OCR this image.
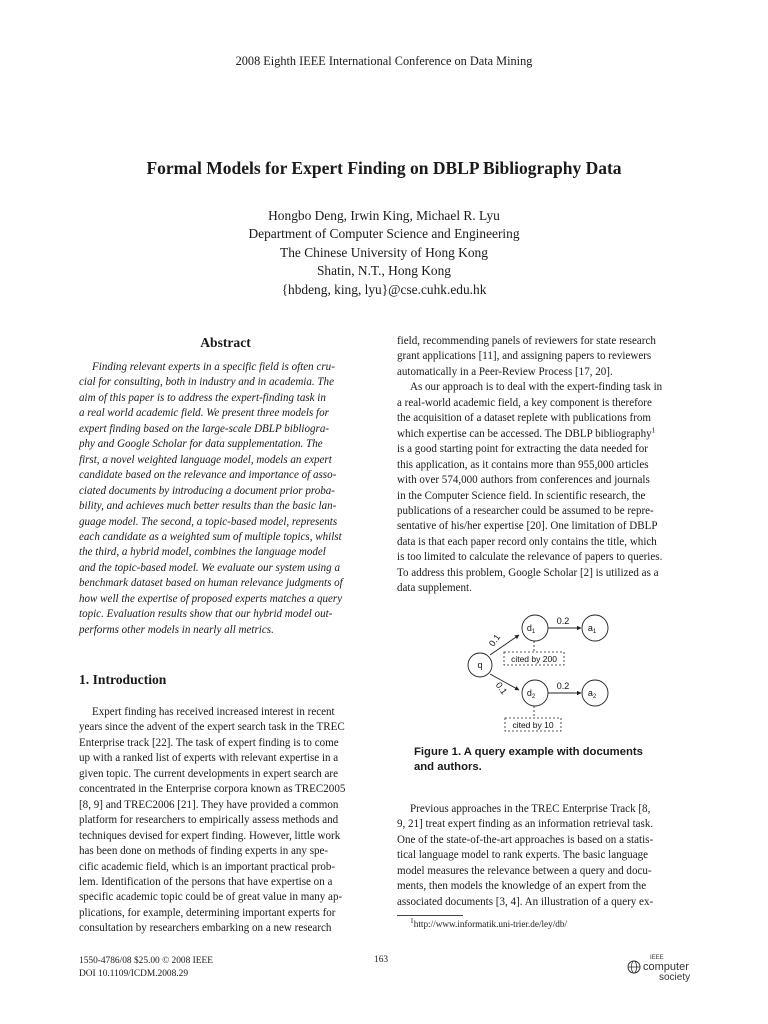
2008 Eighth IEEE International Conference on Data Mining
Formal Models for Expert Finding on DBLP Bibliography Data
Hongbo Deng, Irwin King, Michael R. Lyu
Department of Computer Science and Engineering
The Chinese University of Hong Kong
Shatin, N.T., Hong Kong
{hbdeng, king, lyu}@cse.cuhk.edu.hk
Abstract
Finding relevant experts in a specific field is often cru-
cial for consulting, both in industry and in academia. The
aim of this paper is to address the expert-finding task in
a real world academic field. We present three models for
expert finding based on the large-scale DBLP bibliogra-
phy and Google Scholar for data supplementation. The
first, a novel weighted language model, models an expert
candidate based on the relevance and importance of asso-
ciated documents by introducing a document prior proba-
bility, and achieves much better results than the basic lan-
guage model. The second, a topic-based model, represents
each candidate as a weighted sum of multiple topics, whilst
the third, a hybrid model, combines the language model
and the topic-based model. We evaluate our system using a
benchmark dataset based on human relevance judgments of
how well the expertise of proposed experts matches a query
topic. Evaluation results show that our hybrid model out-
performs other models in nearly all metrics.
1. Introduction
Expert finding has received increased interest in recent
years since the advent of the expert search task in the TREC
Enterprise track [22]. The task of expert finding is to come
up with a ranked list of experts with relevant expertise in a
given topic. The current developments in expert search are
concentrated in the Enterprise corpora known as TREC2005
[8, 9] and TREC2006 [21]. They have provided a common
platform for researchers to empirically assess methods and
techniques devised for expert finding. However, little work
has been done on methods of finding experts in any spe-
cific academic field, which is an important practical prob-
lem. Identification of the persons that have expertise on a
specific academic topic could be of great value in many ap-
plications, for example, determining important experts for
consultation by researchers embarking on a new research
field, recommending panels of reviewers for state research
grant applications [11], and assigning papers to reviewers
automatically in a Peer-Review Process [17, 20].
As our approach is to deal with the expert-finding task in
a real-world academic field, a key component is therefore
the acquisition of a dataset replete with publications from
which expertise can be accessed. The DBLP bibliography$^1$
is a good starting point for extracting the data needed for
this application, as it contains more than 955,000 articles
with over 574,000 authors from conferences and journals
in the Computer Science field. In scientific research, the
publications of a researcher could be assumed to be repre-
sentative of his/her expertise [20]. One limitation of DBLP
data is that each paper record only contains the title, which
is too limited to calculate the relevance of papers to queries.
To address this problem, Google Scholar [2] is utilized as a
data supplement.
q
$d_1$
$d_2$
$a_1$
$a_2$
0.1
0.1
0.2
0.2
cited by 200
cited by 10
Figure 1. A query example with documents
and authors.
Previous approaches in the TREC Enterprise Track [8,
9, 21] treat expert finding as an information retrieval task.
One of the state-of-the-art approaches is based on a statis-
tical language model to rank experts. The basic language
model measures the relevance between a query and docu-
ments, then models the knowledge of an expert from the
associated documents [3, 4]. An illustration of a query ex-
$^1$http://www.informatik.uni-trier.de/ley/db/
1550-4786/08 $25.00 © 2008 IEEE
DOI 10.1109/ICDM.2008.29
163	IEEE
computer
society
